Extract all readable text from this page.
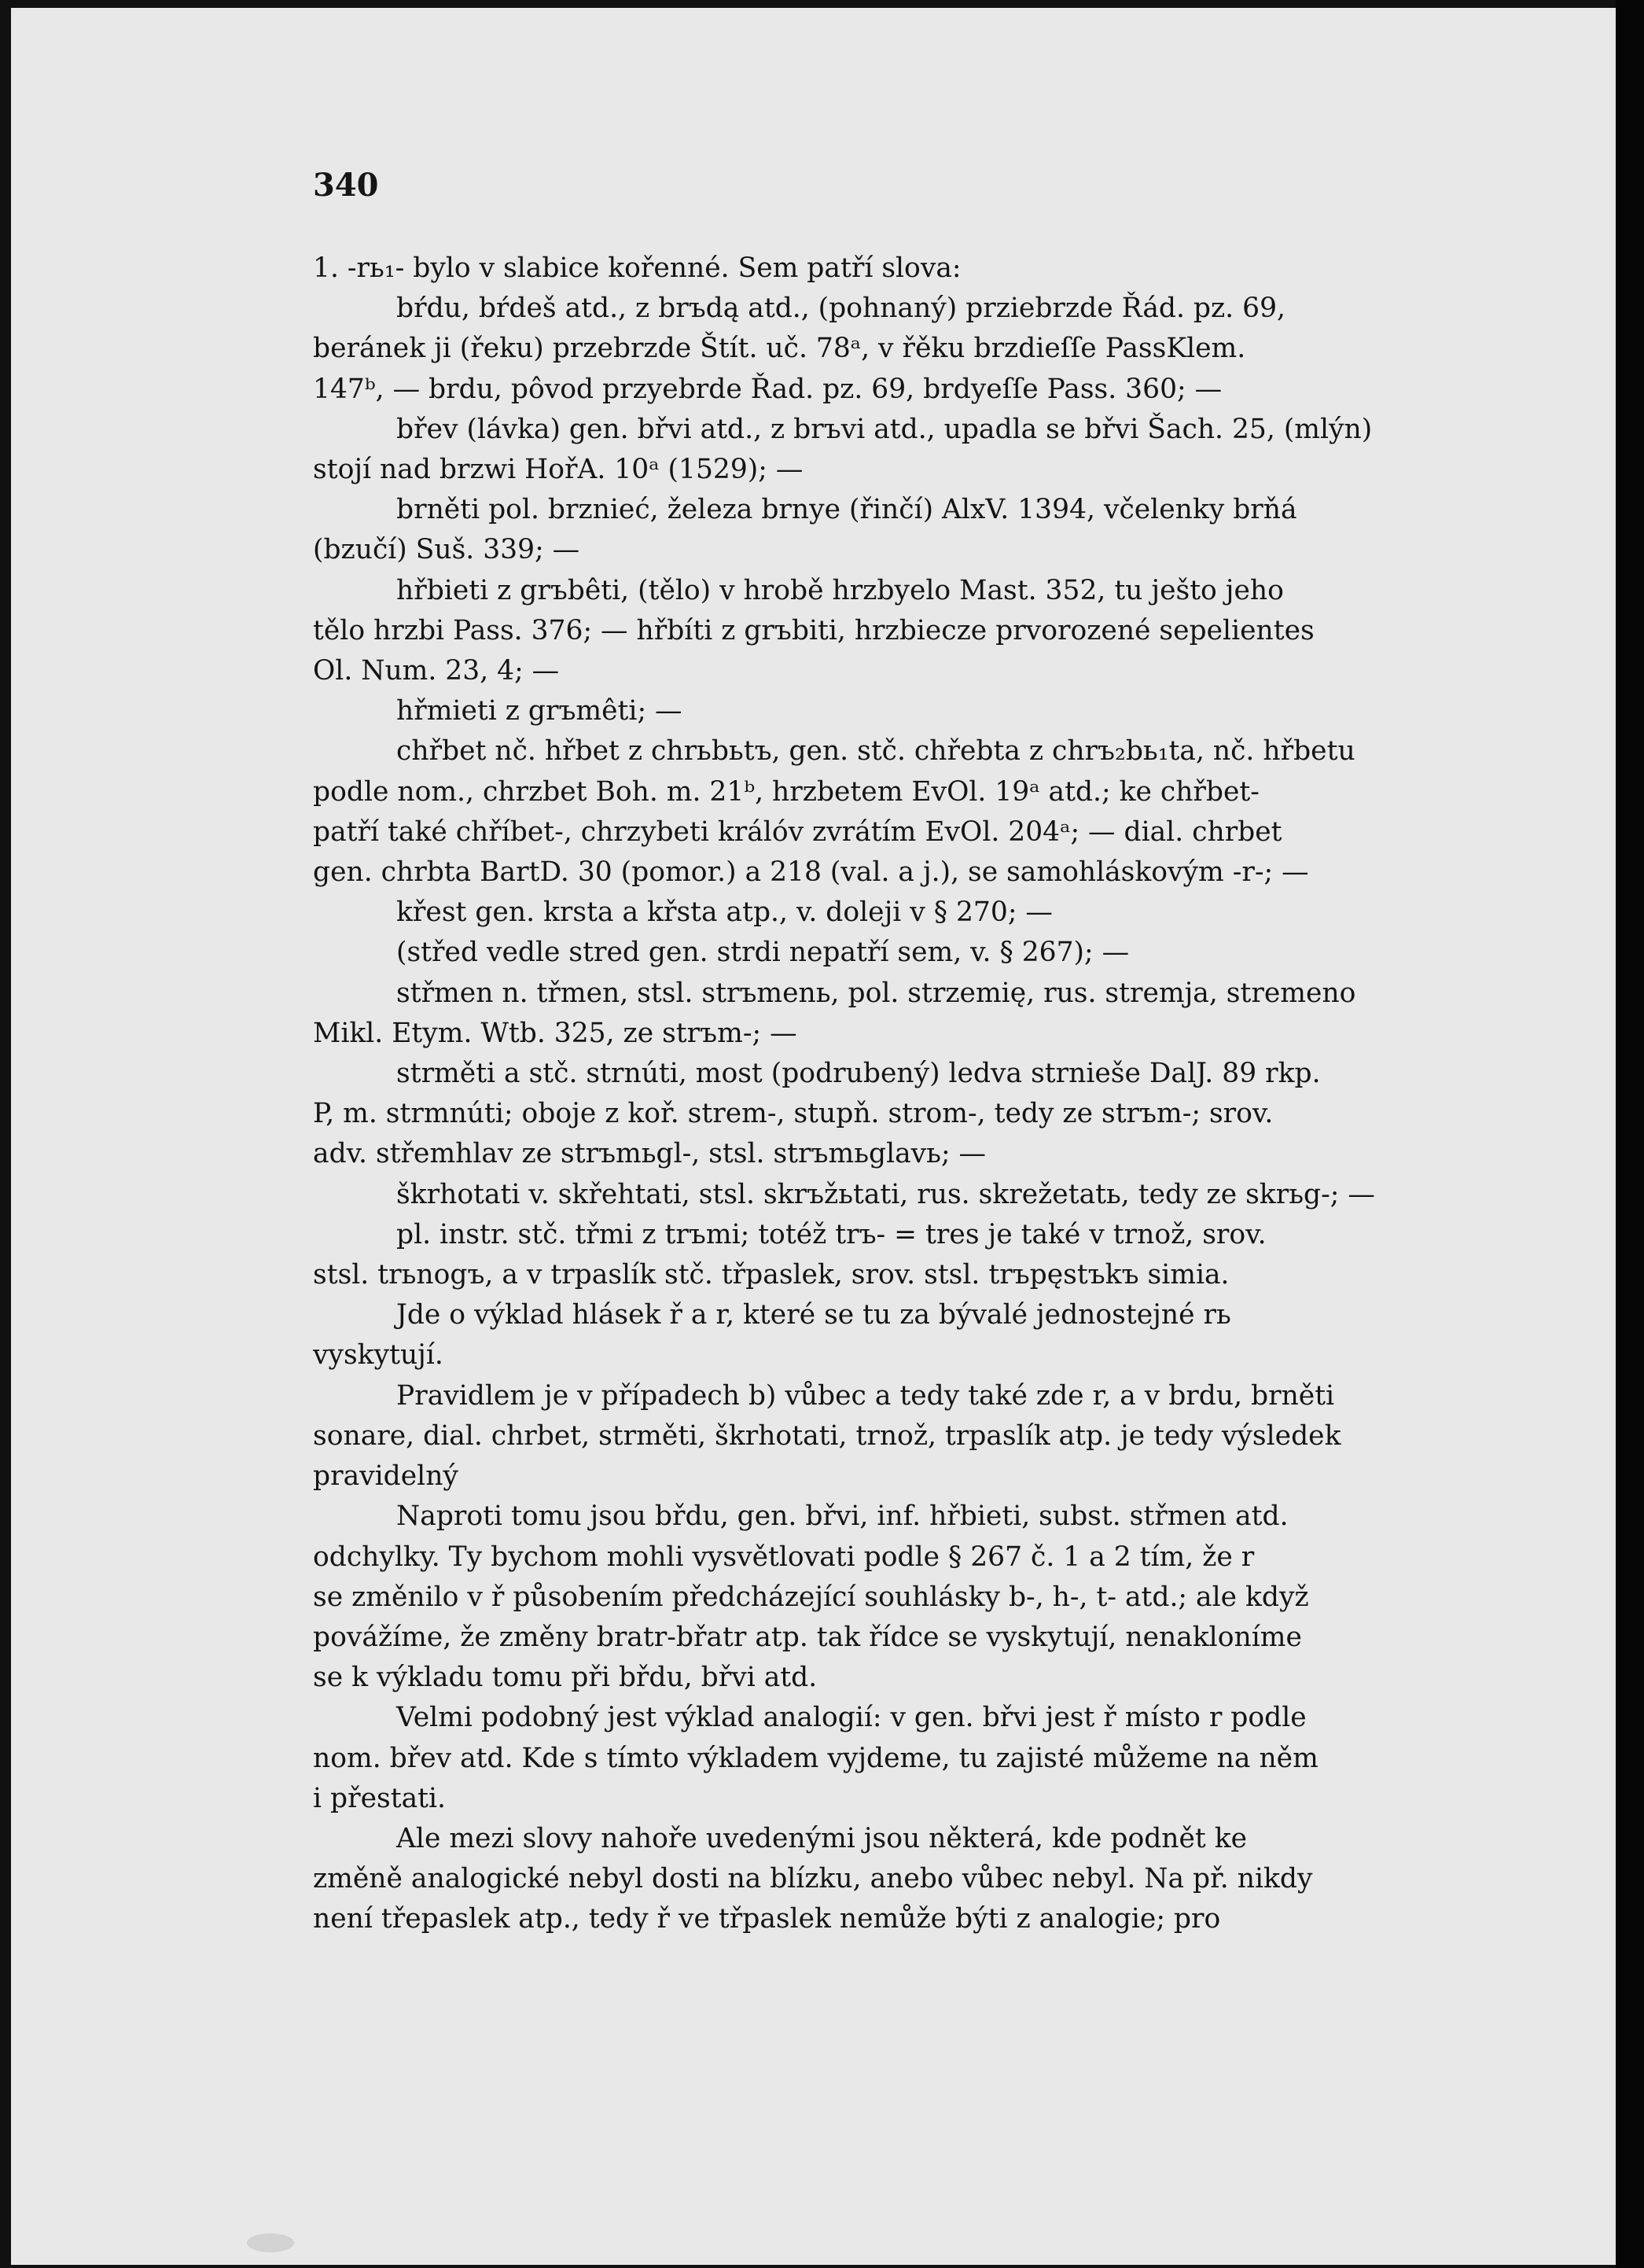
340
1. -rь₁- bylo v slabice kořenné. Sem patří slova:
bŕdu, bŕdeš atd., z brъdą atd., (pohnaný) prziebrzde Řád. pz. 69,
beránek ji (řeku) przebrzde Štít. uč. 78ᵃ, v řěku brzdieſſe PassKlem.
147ᵇ, — brdu, pôvod przyebrde Řad. pz. 69, brdyeſſe Pass. 360; —
břev (lávka) gen. břvi atd., z brъvi atd., upadla se břvi Šach. 25, (mlýn)
stojí nad brzwi HořA. 10ᵃ (1529); —
brněti pol. brznieć, železa brnye (řinčí) AlxV. 1394, včelenky brňá
(bzučí) Suš. 339; —
hřbieti z grъbêti, (tělo) v hrobě hrzbyelo Mast. 352, tu ješto jeho
tělo hrzbi Pass. 376; — hřbíti z grъbiti, hrzbiecze prvorozené sepelientes
Ol. Num. 23, 4; —
hřmieti z grъmêti; —
chřbet nč. hřbet z chrьbьtъ, gen. stč. chřebta z chrъ₂bь₁ta, nč. hřbetu
podle nom., chrzbet Boh. m. 21ᵇ, hrzbetem EvOl. 19ᵃ atd.; ke chřbet-
patří také chříbet-, chrzybeti králóv zvrátím EvOl. 204ᵃ; — dial. chrbet
gen. chrbta BartD. 30 (pomor.) a 218 (val. a j.), se samohláskovým -r-; —
křest gen. krsta a křsta atp., v. doleji v § 270; —
(střed vedle stred gen. strdi nepatří sem, v. § 267); —
střmen n. třmen, stsl. strъmenь, pol. strzemię, rus. stremja, stremeno
Mikl. Etym. Wtb. 325, ze strъm-; —
strměti a stč. strnúti, most (podrubený) ledva strnieše DalJ. 89 rkp.
P, m. strmnúti; oboje z koř. strem-, stupň. strom-, tedy ze strъm-; srov.
adv. střemhlav ze strъmьgl-, stsl. strъmьglavь; —
škrhotati v. skřehtati, stsl. skrъžьtati, rus. skrežetatь, tedy ze skrьg-; —
pl. instr. stč. třmi z trъmi; totéž trъ- = tres je také v trnož, srov.
stsl. trьnogъ, a v trpaslík stč. třpaslek, srov. stsl. trъpęstъkъ simia.
Jde o výklad hlásek ř a r, které se tu za bývalé jednostejné rь
vyskytují.
Pravidlem je v případech b) vůbec a tedy také zde r, a v brdu, brněti
sonare, dial. chrbet, strměti, škrhotati, trnož, trpaslík atp. je tedy výsledek
pravidelný
Naproti tomu jsou břdu, gen. břvi, inf. hřbieti, subst. střmen atd.
odchylky. Ty bychom mohli vysvětlovati podle § 267 č. 1 a 2 tím, že r
se změnilo v ř působením předcházející souhlásky b-, h-, t- atd.; ale když
povážíme, že změny bratr-břatr atp. tak řídce se vyskytují, nenakloníme
se k výkladu tomu při břdu, břvi atd.
Velmi podobný jest výklad analogií: v gen. břvi jest ř místo r podle
nom. břev atd. Kde s tímto výkladem vyjdeme, tu zajisté můžeme na něm
i přestati.
Ale mezi slovy nahoře uvedenými jsou některá, kde podnět ke
změně analogické nebyl dosti na blízku, anebo vůbec nebyl. Na př. nikdy
není třepaslek atp., tedy ř ve třpaslek nemůže býti z analogie; pro
